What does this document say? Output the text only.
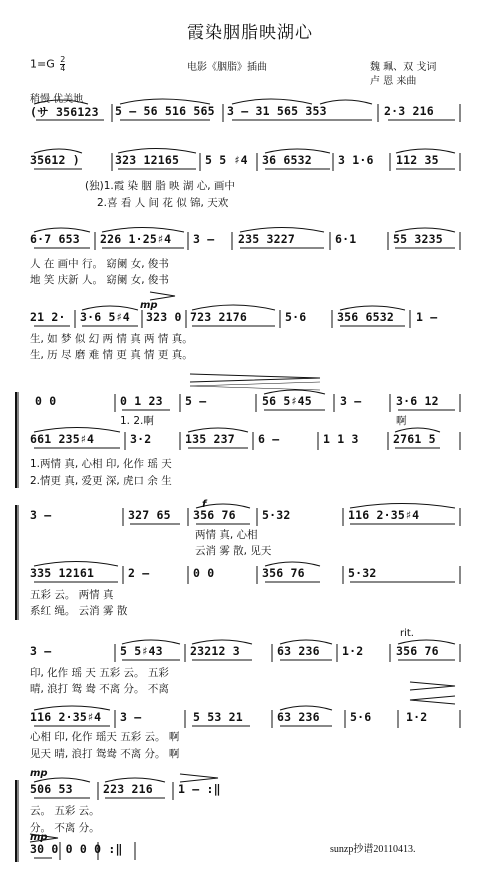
霞染胭脂映湖心
$1=G \frac{2}{4}$	电影《胭脂》插曲	魏 珮、双 戈词
卢 恩 来曲
稍慢 优美地
(サ 356123 5 – 56 516 565 3 – 31 565 353	2·3 216
35612 )	323 12165 5 5 ♯4 36 6532 3 1·6 112 35
(独)1.霞 染 胭 脂 映 湖 心, 画中
2.喜 看 人 间 花 似 锦, 天欢
6·7 653 226 1·25♯4 3 – 235 3227	6·1	55 3235
人 在 画中 行。 窈阑 女, 俊书
地 笑 庆新 人。 窈阑 女, 俊书
21 2· 3·6 5♯4 323 0 723 2176	5·6	356 6532 1 –
生, 如 梦 似 幻 两 情 真 两 情 真。
生, 历 尽 磨 难 情 更 真 情 更 真。
0 0	0 1 23 5 –	56 5♯45 3 –	3·6 12
1. 2.啊	啊
661 235♯4	3·2	135 237 6 –	1 1 3	2761 5
1.两情 真, 心相 印, 化作 瑶 天
2.情更 真, 爱更 深, 虎口 余 生
3 –	327 65 356 76 5·32	116 2·35♯4
两情 真, 心相
云消 雾 散, 见天
335 12161	2 –	0 0	356 76	5·32
五彩 云。 两情 真
系红 绳。 云消 雾 散
3 –	5 5♯43 23212 3	63 236 1·2	356 76
印, 化作 瑶 天 五彩 云。 五彩
晴, 浪打 鸳 鸯 不离 分。 不离
116 2·35♯4 3 –	5 53 21	63 236	5·6	1·2
心相 印, 化作 瑶天 五彩 云。 啊
见天 晴, 浪打 鸳鸯 不离 分。 啊
506 53	223 216 1 – :‖
云。 五彩 云。
分。 不离 分。
30 0 0 0 0 :‖
mp
f
rit.
mp
mp
sunzp抄谱20110413.
